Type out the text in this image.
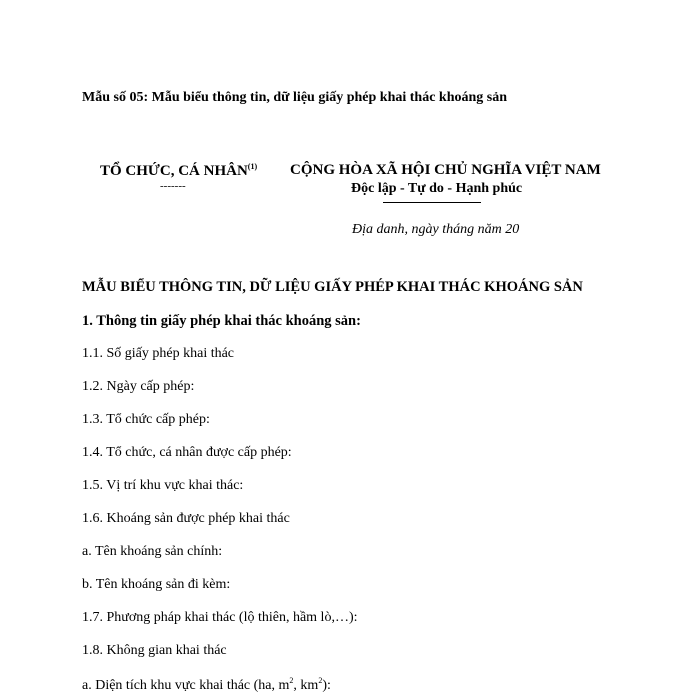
Mẫu số 05: Mẫu biểu thông tin, dữ liệu giấy phép khai thác khoáng sản
TỔ CHỨC, CÁ NHÂN$^{(1)}$
-------
CỘNG HÒA XÃ HỘI CHỦ NGHĨA VIỆT NAM
Độc lập - Tự do - Hạnh phúc
Địa danh, ngày tháng năm 20
MẪU BIỂU THÔNG TIN, DỮ LIỆU GIẤY PHÉP KHAI THÁC KHOÁNG SẢN
1. Thông tin giấy phép khai thác khoáng sản:
1.1. Số giấy phép khai thác
1.2. Ngày cấp phép:
1.3. Tổ chức cấp phép:
1.4. Tổ chức, cá nhân được cấp phép:
1.5. Vị trí khu vực khai thác:
1.6. Khoáng sản được phép khai thác
a. Tên khoáng sản chính:
b. Tên khoáng sản đi kèm:
1.7. Phương pháp khai thác (lộ thiên, hầm lò,…):
1.8. Không gian khai thác
a. Diện tích khu vực khai thác (ha, $m^2$, $km^2$):
